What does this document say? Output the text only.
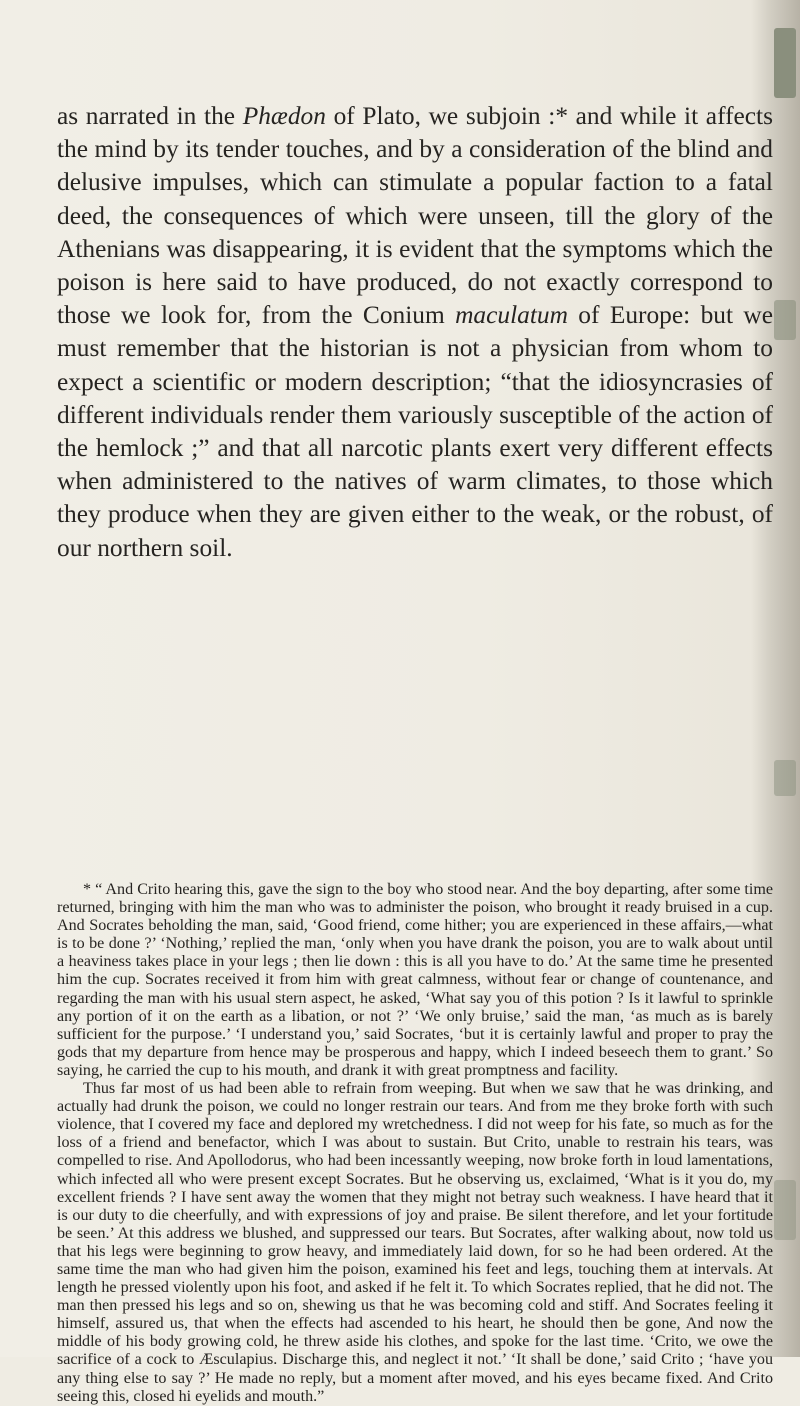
as narrated in the Phædon of Plato, we subjoin :* and while it affects the mind by its tender touches, and by a consideration of the blind and delusive impulses, which can stimulate a popular faction to a fatal deed, the consequences of which were unseen, till the glory of the Athenians was disappearing, it is evident that the symptoms which the poison is here said to have produced, do not exactly correspond to those we look for, from the Conium maculatum of Europe: but we must remember that the historian is not a physician from whom to expect a scientific or modern description; “that the idiosyncrasies of different individuals render them variously susceptible of the action of the hemlock ;” and that all narcotic plants exert very different effects when administered to the natives of warm climates, to those which they produce when they are given either to the weak, or the robust, of our northern soil.

* “ And Crito hearing this, gave the sign to the boy who stood near. And the boy departing, after some time returned, bringing with him the man who was to administer the poison, who brought it ready bruised in a cup. And Socrates beholding the man, said, ‘Good friend, come hither; you are experienced in these affairs,—what is to be done ?’ ‘Nothing,’ replied the man, ‘only when you have drank the poison, you are to walk about until a heaviness takes place in your legs ; then lie down : this is all you have to do.’ At the same time he presented him the cup. Socrates received it from him with great calmness, without fear or change of countenance, and regarding the man with his usual stern aspect, he asked, ‘What say you of this potion ? Is it lawful to sprinkle any portion of it on the earth as a libation, or not ?’ ‘We only bruise,’ said the man, ‘as much as is barely sufficient for the purpose.’ ‘I understand you,’ said Socrates, ‘but it is certainly lawful and proper to pray the gods that my departure from hence may be prosperous and happy, which I indeed beseech them to grant.’ So saying, he carried the cup to his mouth, and drank it with great promptness and facility.

Thus far most of us had been able to refrain from weeping. But when we saw that he was drinking, and actually had drunk the poison, we could no longer restrain our tears. And from me they broke forth with such violence, that I covered my face and deplored my wretchedness. I did not weep for his fate, so much as for the loss of a friend and benefactor, which I was about to sustain. But Crito, unable to restrain his tears, was compelled to rise. And Apollodorus, who had been incessantly weeping, now broke forth in loud lamentations, which infected all who were present except Socrates. But he observing us, exclaimed, ‘What is it you do, my excellent friends ? I have sent away the women that they might not betray such weakness. I have heard that it is our duty to die cheerfully, and with expressions of joy and praise. Be silent therefore, and let your fortitude be seen.’ At this address we blushed, and suppressed our tears. But Socrates, after walking about, now told us that his legs were beginning to grow heavy, and immediately laid down, for so he had been ordered. At the same time the man who had given him the poison, examined his feet and legs, touching them at intervals. At length he pressed violently upon his foot, and asked if he felt it. To which Socrates replied, that he did not. The man then pressed his legs and so on, shewing us that he was becoming cold and stiff. And Socrates feeling it himself, assured us, that when the effects had ascended to his heart, he should then be gone, And now the middle of his body growing cold, he threw aside his clothes, and spoke for the last time. ‘Crito, we owe the sacrifice of a cock to Æsculapius. Discharge this, and neglect it not.’ ‘It shall be done,’ said Crito ; ‘have you any thing else to say ?’ He made no reply, but a moment after moved, and his eyes became fixed. And Crito seeing this, closed hi eyelids and mouth.”
